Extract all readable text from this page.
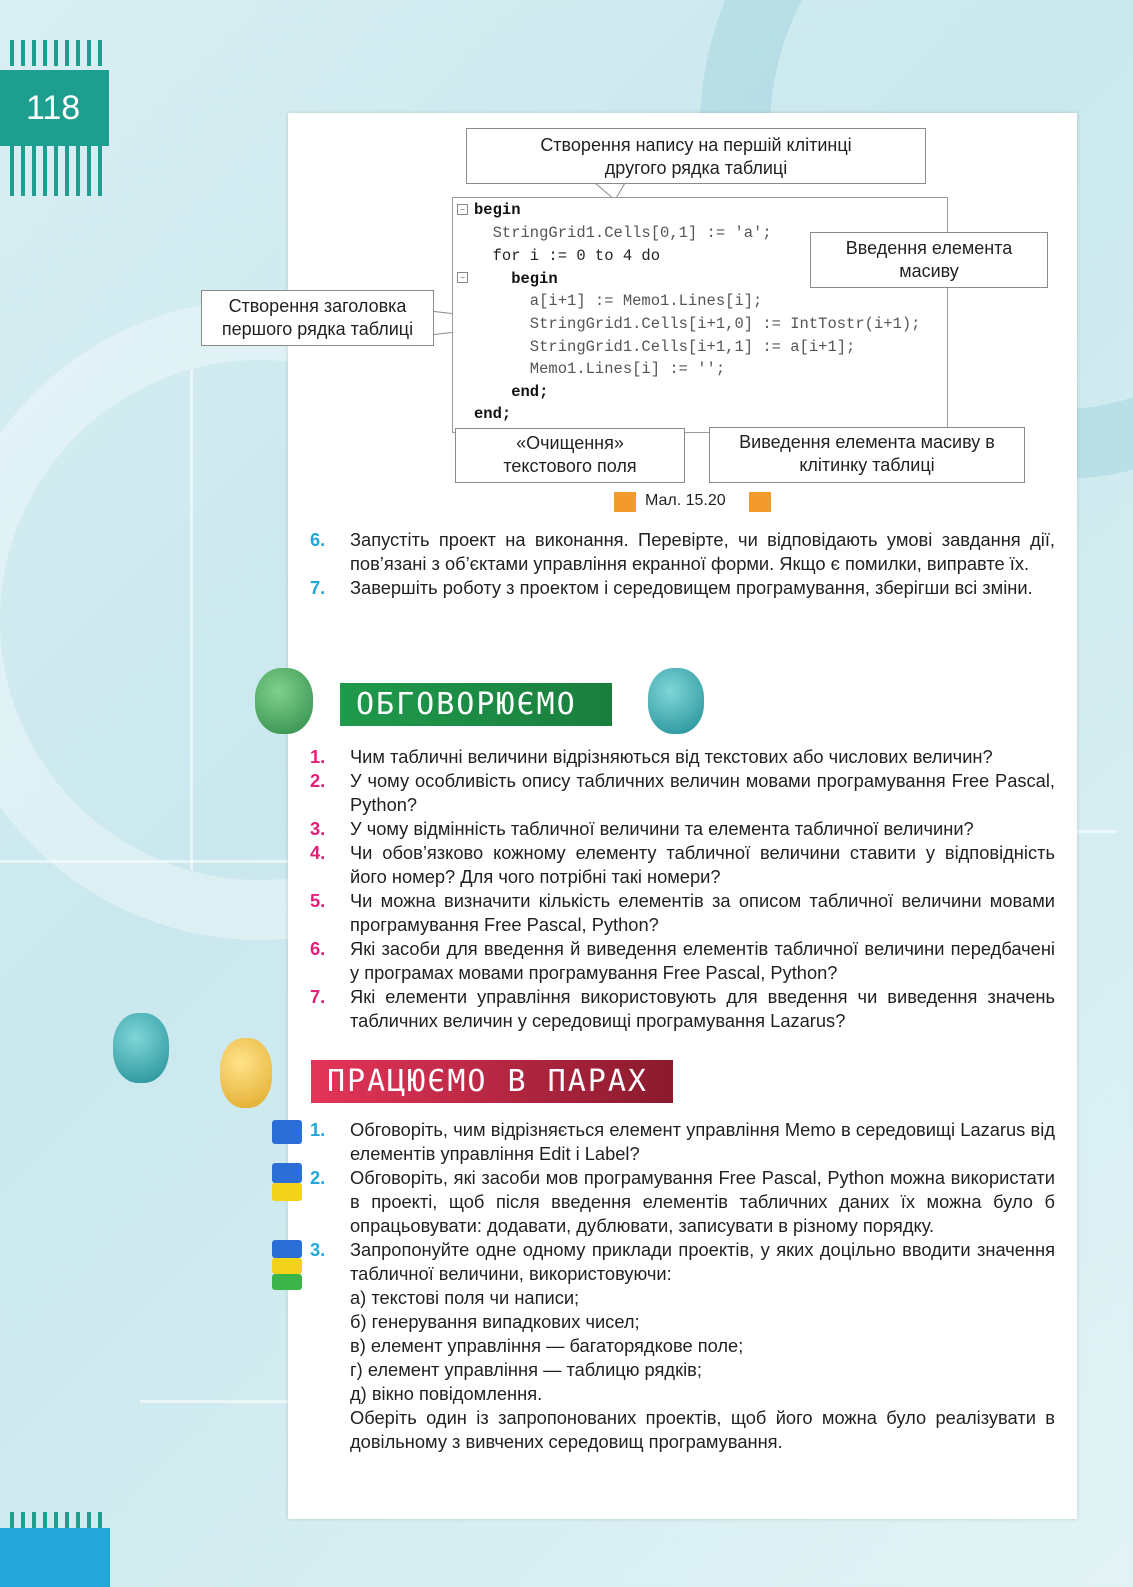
118
−
−
begin
StringGrid1.Cells[0,1] := 'a';
for i := 0 to 4 do
begin
a[i+1] := Memo1.Lines[i];
StringGrid1.Cells[i+1,0] := IntTostr(i+1);
StringGrid1.Cells[i+1,1] := a[i+1];
Memo1.Lines[i] := '';
end;
end;
Створення напису на першій клітинці другого рядка таблиці
Створення заголовка першого рядка таблиці
Введення елемента масиву
«Очищення» текстового поля
Виведення елемента масиву в клітинку таблиці
Мал. 15.20
6. Запустіть проект на виконання. Перевірте, чи відповідають умові завдання дії, пов’язані з об’єктами управління екранної форми. Якщо є помилки, виправте їх.
7. Завершіть роботу з проектом і середовищем програмування, зберігши всі зміни.
ОБГОВОРЮЄМО
1. Чим табличні величини відрізняються від текстових або числових величин?
2. У чому особливість опису табличних величин мовами програмування Free Pascal, Python?
3. У чому відмінність табличної величини та елемента табличної величини?
4. Чи обов’язково кожному елементу табличної величини ставити у відповідність його номер? Для чого потрібні такі номери?
5. Чи можна визначити кількість елементів за описом табличної величини мовами програмування Free Pascal, Python?
6. Які засоби для введення й виведення елементів табличної величини передбачені у програмах мовами програмування Free Pascal, Python?
7. Які елементи управління використовують для введення чи виведення значень табличних величин у середовищі програмування Lazarus?
ПРАЦЮЄМО В ПАРАХ
1. Обговоріть, чим відрізняється елемент управління Memo в середовищі Lazarus від елементів управління Edit і Label?
2. Обговоріть, які засоби мов програмування Free Pascal, Python можна використати в проекті, щоб після введення елементів табличних даних їх можна було б опрацьовувати: додавати, дублювати, записувати в різному порядку.
3. Запропонуйте одне одному приклади проектів, у яких доцільно вводити значення табличної величини, використовуючи:
а) текстові поля чи написи;
б) генерування випадкових чисел;
в) елемент управління — багаторядкове поле;
г) елемент управління — таблицю рядків;
д) вікно повідомлення.
Оберіть один із запропонованих проектів, щоб його можна було реалізувати в довільному з вивчених середовищ програмування.
